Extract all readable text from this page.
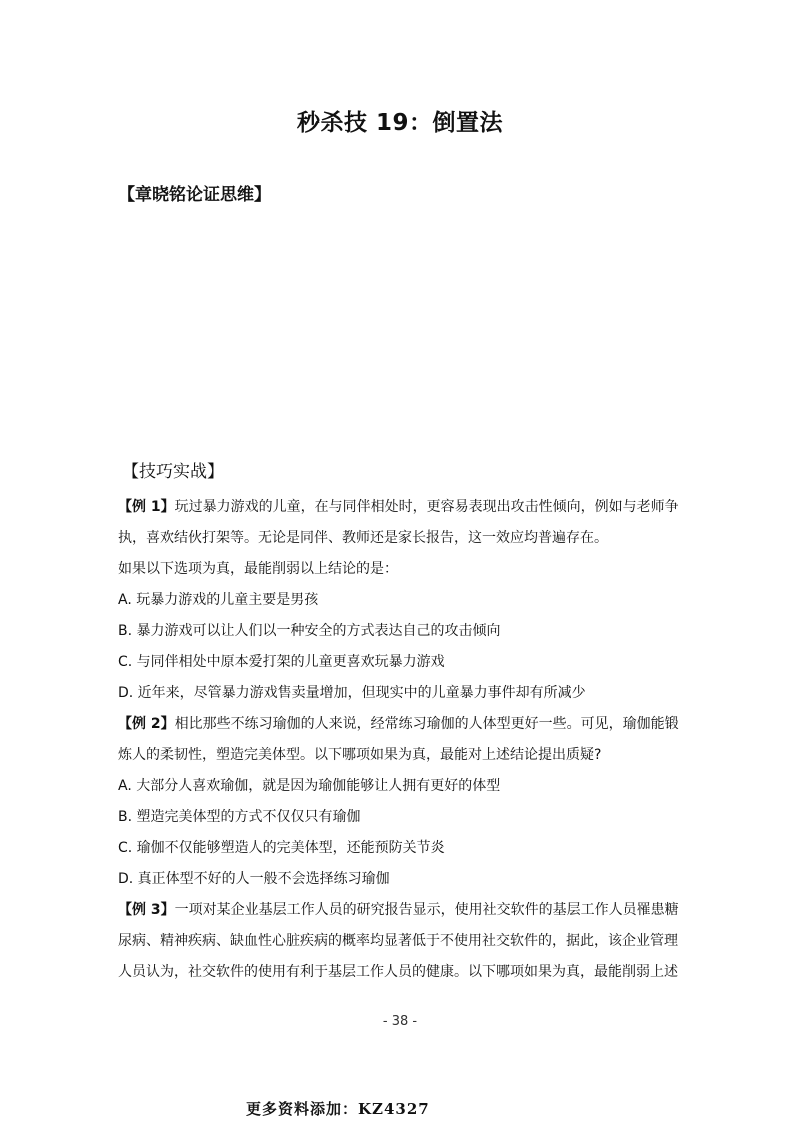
秒杀技 19：倒置法
【章晓铭论证思维】
【技巧实战】

【例 1】玩过暴力游戏的儿童，在与同伴相处时，更容易表现出攻击性倾向，例如与老师争

执，喜欢结伙打架等。无论是同伴、教师还是家长报告，这一效应均普遍存在。

如果以下选项为真，最能削弱以上结论的是：

A. 玩暴力游戏的儿童主要是男孩

B. 暴力游戏可以让人们以一种安全的方式表达自己的攻击倾向

C. 与同伴相处中原本爱打架的儿童更喜欢玩暴力游戏

D. 近年来，尽管暴力游戏售卖量增加，但现实中的儿童暴力事件却有所减少

【例 2】相比那些不练习瑜伽的人来说，经常练习瑜伽的人体型更好一些。可见，瑜伽能锻

炼人的柔韧性，塑造完美体型。以下哪项如果为真，最能对上述结论提出质疑?

A. 大部分人喜欢瑜伽，就是因为瑜伽能够让人拥有更好的体型

B. 塑造完美体型的方式不仅仅只有瑜伽

C. 瑜伽不仅能够塑造人的完美体型，还能预防关节炎

D. 真正体型不好的人一般不会选择练习瑜伽

【例 3】一项对某企业基层工作人员的研究报告显示，使用社交软件的基层工作人员罹患糖

尿病、精神疾病、缺血性心脏疾病的概率均显著低于不使用社交软件的，据此，该企业管理

人员认为，社交软件的使用有利于基层工作人员的健康。以下哪项如果为真，最能削弱上述

- 38 -
更多资料添加：KZ4327
